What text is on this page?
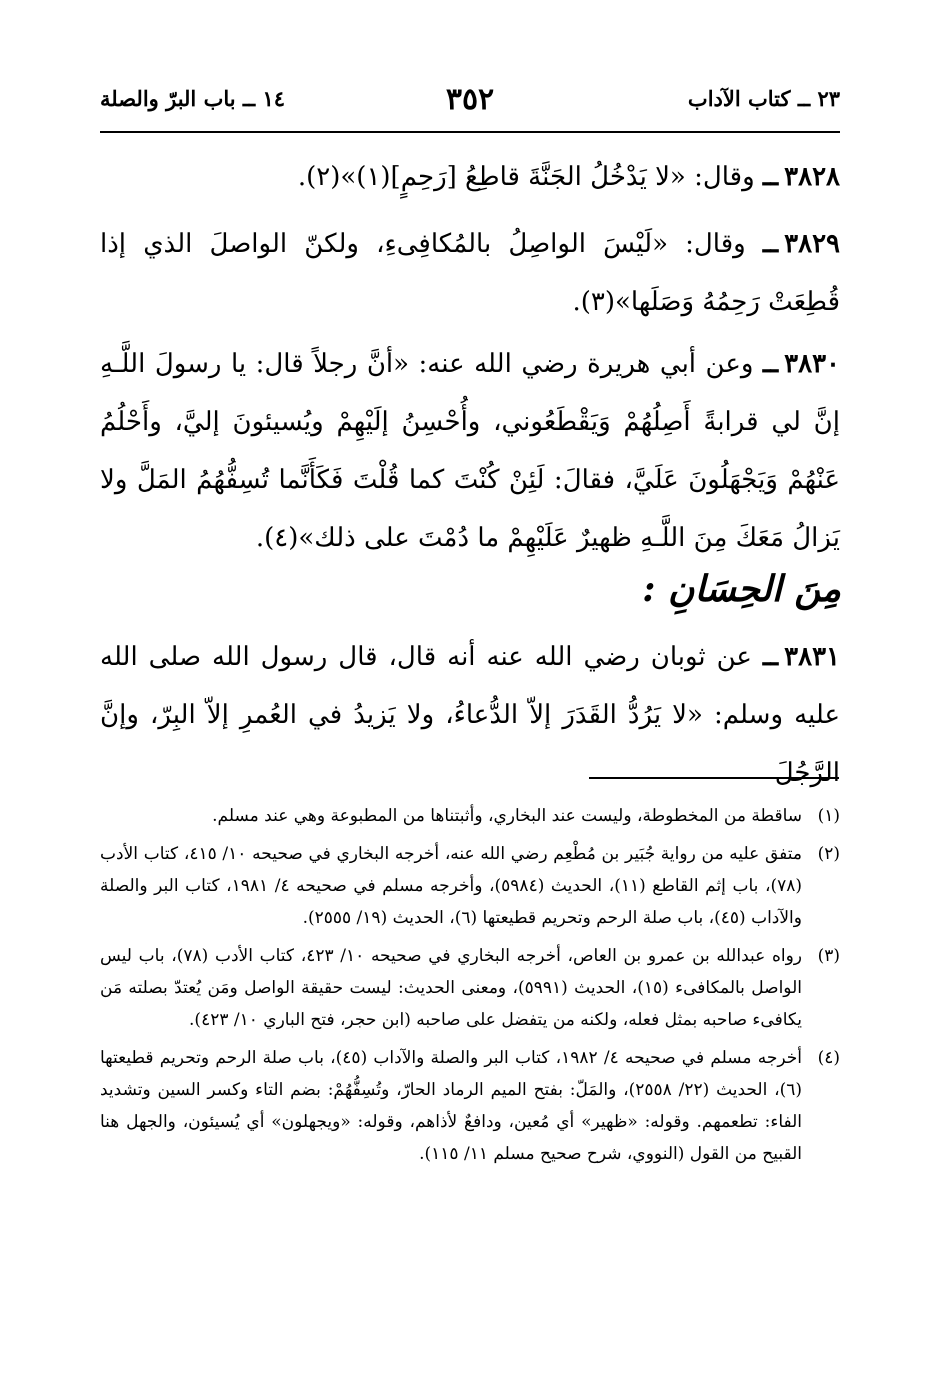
٢٣ ــ كتاب الآداب
٣٥٢
١٤ ــ باب البرّ والصلة

٣٨٢٨ــ وقال: «لا يَدْخُلُ الجَنَّةَ قاطِعُ [رَحِمٍ](١)»(٢).

٣٨٢٩ــ وقال: «لَيْسَ الواصِلُ بالمُكافِىءِ، ولكنّ الواصلَ الذي إذا قُطِعَتْ رَحِمُهُ وَصَلَها»(٣).

٣٨٣٠ــ وعن أبي هريرة رضي الله عنه: «أنَّ رجلاً قال: يا رسولَ اللَّـهِ إنَّ لي قرابةً أَصِلُهُمْ وَيَقْطَعُوني، وأُحْسِنُ إلَيْهِمْ ويُسيئونَ إليَّ، وأَحْلُمُ عَنْهُمْ وَيَجْهَلُونَ عَلَيَّ، فقالَ: لَئِنْ كُنْتَ كما قُلْتَ فَكَأَنَّما تُسِفُّهُمُ المَلَّ ولا يَزالُ مَعَكَ مِنَ اللَّـهِ ظهيرٌ عَلَيْهِمْ ما دُمْتَ على ذلك»(٤).

مِنَ الحِسَانِ :

٣٨٣١ــ عن ثوبان رضي الله عنه أنه قال، قال رسول الله صلى الله عليه وسلم: «لا يَرُدُّ القَدَرَ إلاّ الدُّعاءُ، ولا يَزيدُ في العُمرِ إلاّ البِرّ، وإنَّ الرَّجُلَ

(١)
ساقطة من المخطوطة، وليست عند البخاري، وأثبتناها من المطبوعة وهي عند مسلم.

(٢)
متفق عليه من رواية جُبَير بن مُطْعِم رضي الله عنه، أخرجه البخاري في صحيحه ١٠/ ٤١٥، كتاب الأدب (٧٨)، باب إثم القاطع (١١)، الحديث (٥٩٨٤)، وأخرجه مسلم في صحيحه ٤/ ١٩٨١، كتاب البر والصلة والآداب (٤٥)، باب صلة الرحم وتحريم قطيعتها (٦)، الحديث (١٩/ ٢٥٥٥).

(٣)
رواه عبدالله بن عمرو بن العاص، أخرجه البخاري في صحيحه ١٠/ ٤٢٣، كتاب الأدب (٧٨)، باب ليس الواصل بالمكافىء (١٥)، الحديث (٥٩٩١)، ومعنى الحديث: ليست حقيقة الواصل ومَن يُعتدّ بصلته مَن يكافىء صاحبه بمثل فعله، ولكنه من يتفضل على صاحبه (ابن حجر، فتح الباري ١٠/ ٤٢٣).

(٤)
أخرجه مسلم في صحيحه ٤/ ١٩٨٢، كتاب البر والصلة والآداب (٤٥)، باب صلة الرحم وتحريم قطيعتها (٦)، الحديث (٢٢/ ٢٥٥٨)، والمَلّ: بفتح الميم الرماد الحارّ، وتُسِفُّهُمْ: بضم التاء وكسر السين وتشديد الفاء: تطعمهم. وقوله: «ظهير» أي مُعين، ودافعٌ لأذاهم، وقوله: «ويجهلون» أي يُسيئون، والجهل هنا القبيح من القول (النووي، شرح صحيح مسلم ١١/ ١١٥).
